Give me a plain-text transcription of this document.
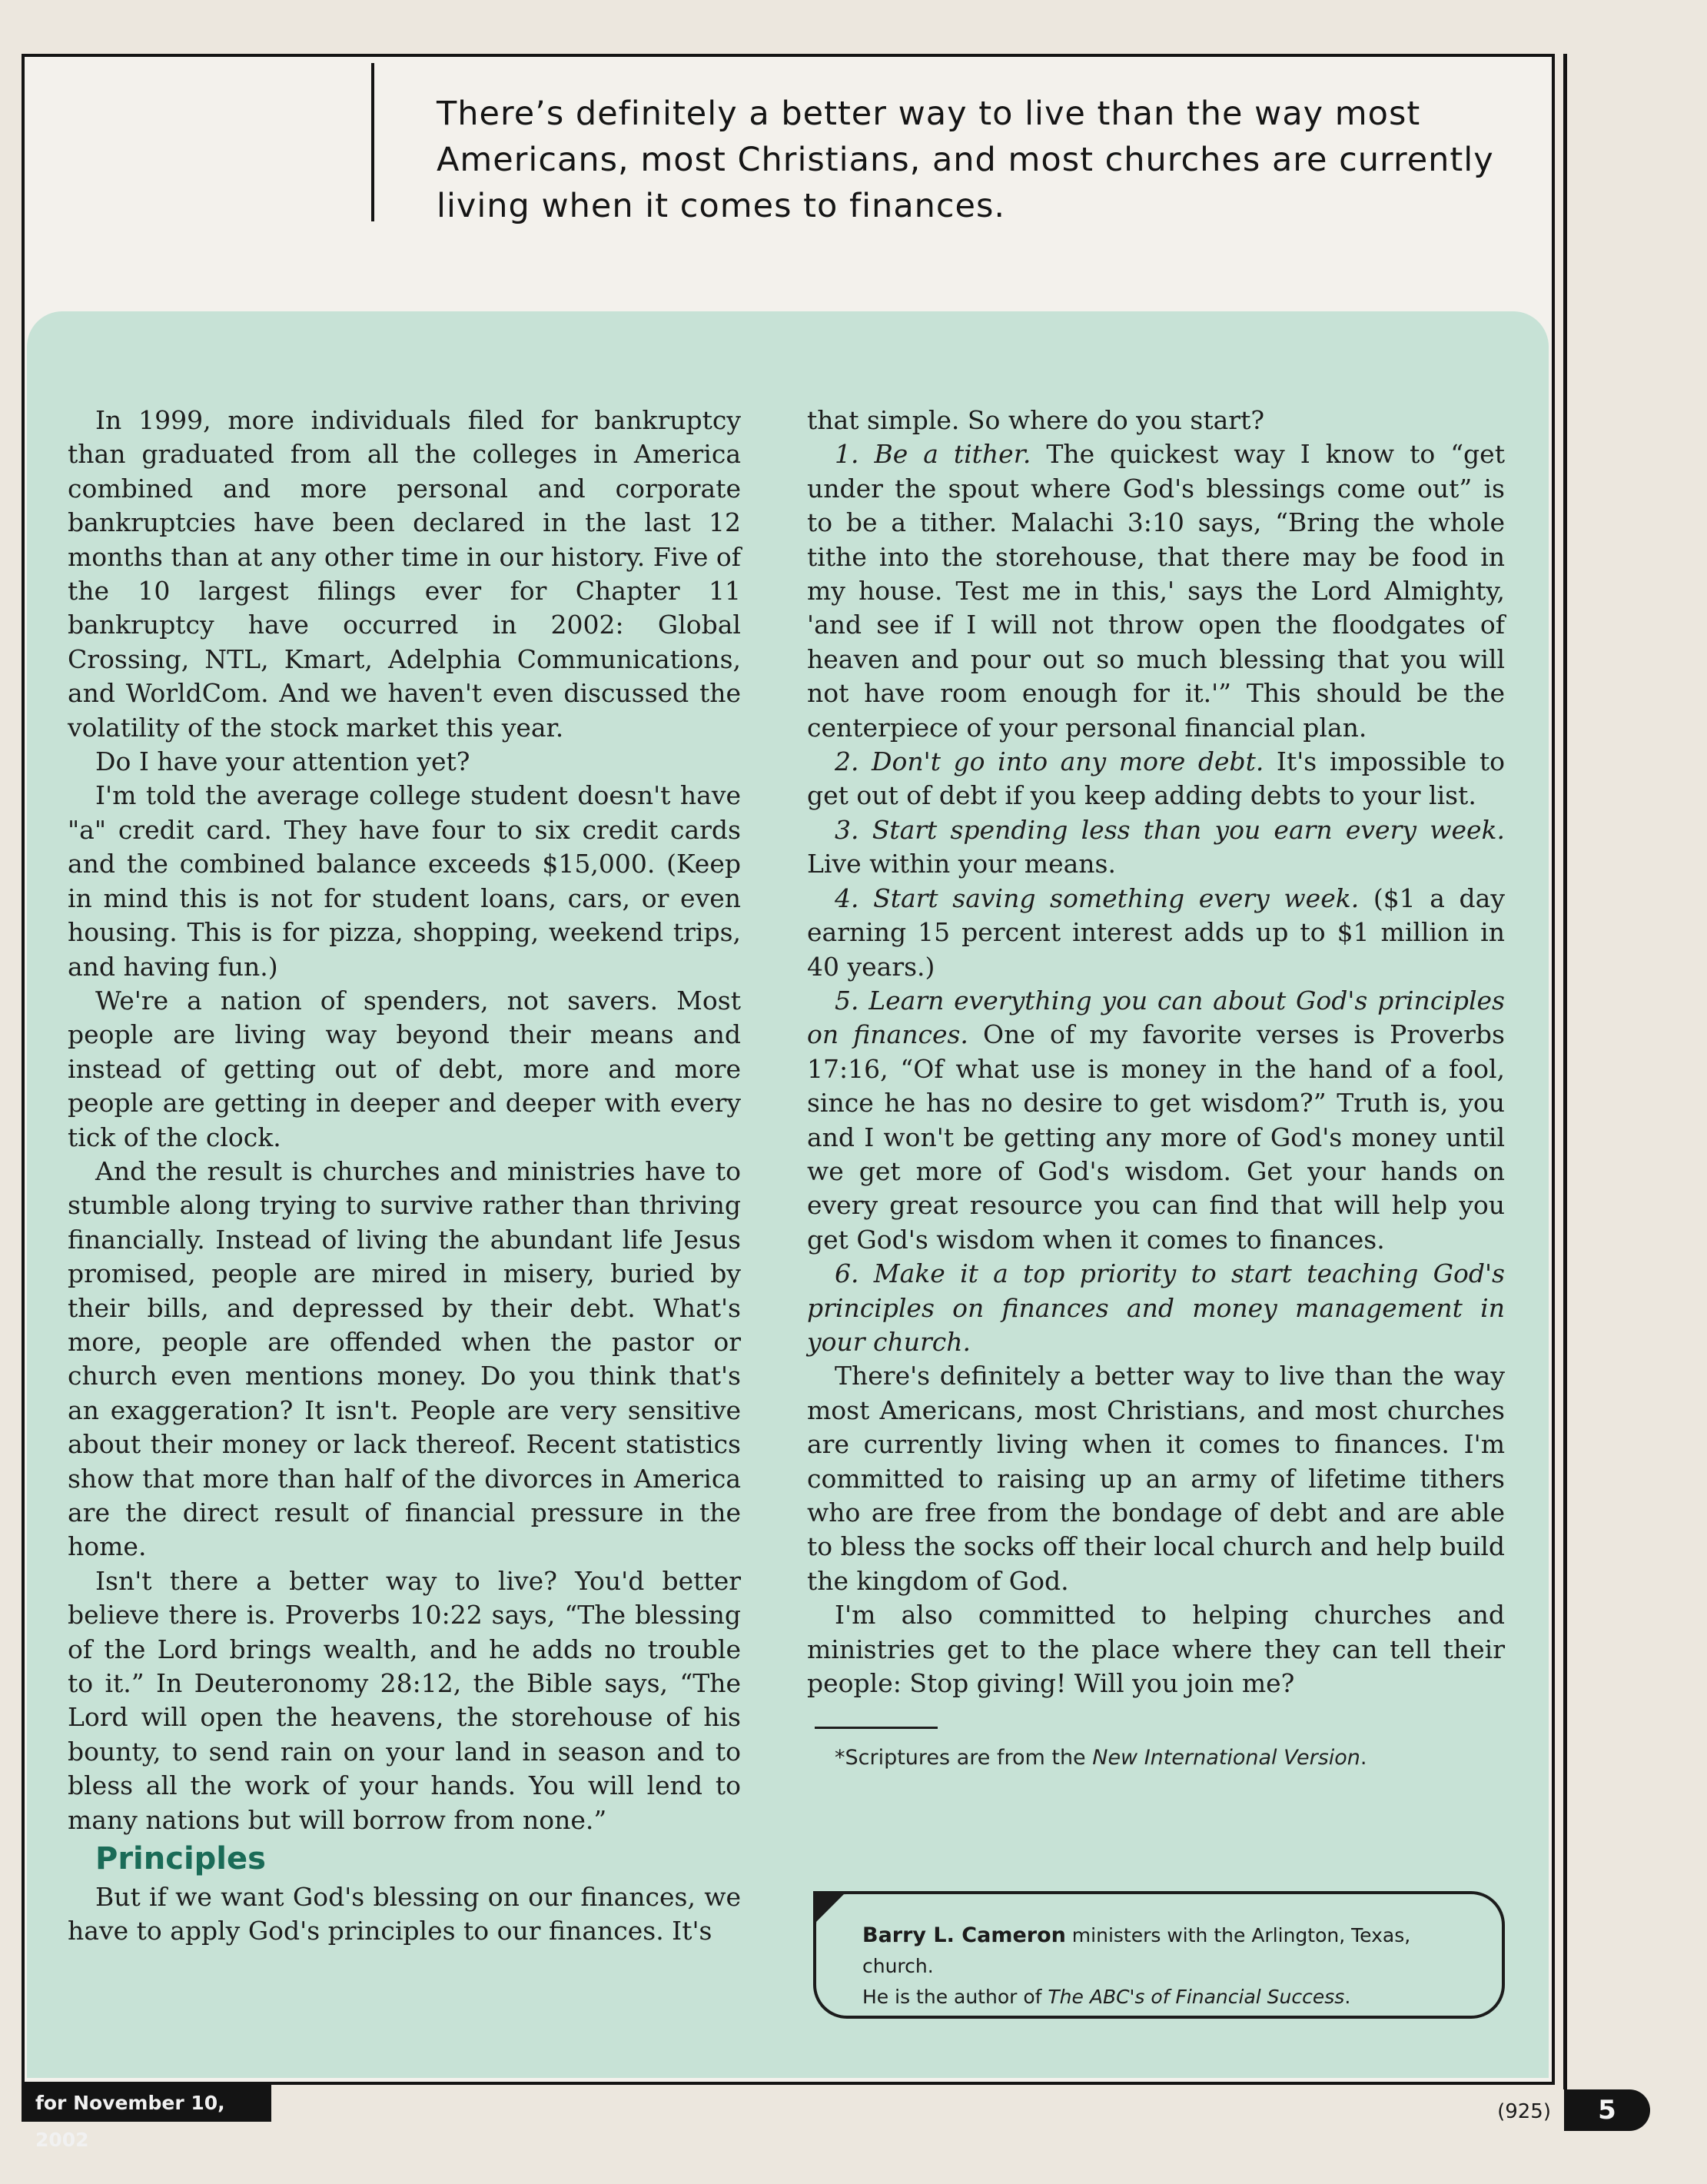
There’s definitely a better way to live than the way most
Americans, most Christians, and most churches are currently
living when it comes to finances.

In 1999, more individuals filed for bankruptcy than graduated from all the colleges in America combined and more personal and corporate bankruptcies have been declared in the last 12 months than at any other time in our history. Five of the 10 largest filings ever for Chapter 11 bankruptcy have occurred in 2002: Global Crossing, NTL, Kmart, Adelphia Communications, and WorldCom. And we haven't even discussed the volatility of the stock market this year.

Do I have your attention yet?

I'm told the average college student doesn't have "a" credit card. They have four to six credit cards and the combined balance exceeds $15,000. (Keep in mind this is not for student loans, cars, or even housing. This is for pizza, shopping, weekend trips, and having fun.)

We're a nation of spenders, not savers. Most people are living way beyond their means and instead of getting out of debt, more and more people are getting in deeper and deeper with every tick of the clock.

And the result is churches and ministries have to stumble along trying to survive rather than thriving financially. Instead of living the abundant life Jesus promised, people are mired in misery, buried by their bills, and depressed by their debt. What's more, people are offended when the pastor or church even mentions money. Do you think that's an exaggeration? It isn't. People are very sensitive about their money or lack thereof. Recent statistics show that more than half of the divorces in America are the direct result of financial pressure in the home.

Isn't there a better way to live? You'd better believe there is. Proverbs 10:22 says, “The blessing of the Lord brings wealth, and he adds no trouble to it.” In Deuteronomy 28:12, the Bible says, “The Lord will open the heavens, the storehouse of his bounty, to send rain on your land in season and to bless all the work of your hands. You will lend to many nations but will borrow from none.”

Principles

But if we want God's blessing on our finances, we have to apply God's principles to our finances. It's

that simple. So where do you start?

1. Be a tither. The quickest way I know to “get under the spout where God's blessings come out” is to be a tither. Malachi 3:10 says, “Bring the whole tithe into the storehouse, that there may be food in my house. Test me in this,' says the Lord Almighty, 'and see if I will not throw open the floodgates of heaven and pour out so much blessing that you will not have room enough for it.'” This should be the centerpiece of your personal financial plan.

2. Don't go into any more debt. It's impossible to get out of debt if you keep adding debts to your list.

3. Start spending less than you earn every week. Live within your means.

4. Start saving something every week. ($1 a day earning 15 percent interest adds up to $1 million in 40 years.)

5. Learn everything you can about God's principles on finances. One of my favorite verses is Proverbs 17:16, “Of what use is money in the hand of a fool, since he has no desire to get wisdom?” Truth is, you and I won't be getting any more of God's money until we get more of God's wisdom. Get your hands on every great resource you can find that will help you get God's wisdom when it comes to finances.

6. Make it a top priority to start teaching God's principles on finances and money management in your church.

There's definitely a better way to live than the way most Americans, most Christians, and most churches are currently living when it comes to finances. I'm committed to raising up an army of lifetime tithers who are free from the bondage of debt and are able to bless the socks off their local church and help build the kingdom of God.

I'm also committed to helping churches and ministries get to the place where they can tell their people: Stop giving! Will you join me?

*Scriptures are from the New International Version.

Barry L. Cameron ministers with the Arlington, Texas, church.
He is the author of The ABC's of Financial Success.
for November 10, 2002
(925)	5
